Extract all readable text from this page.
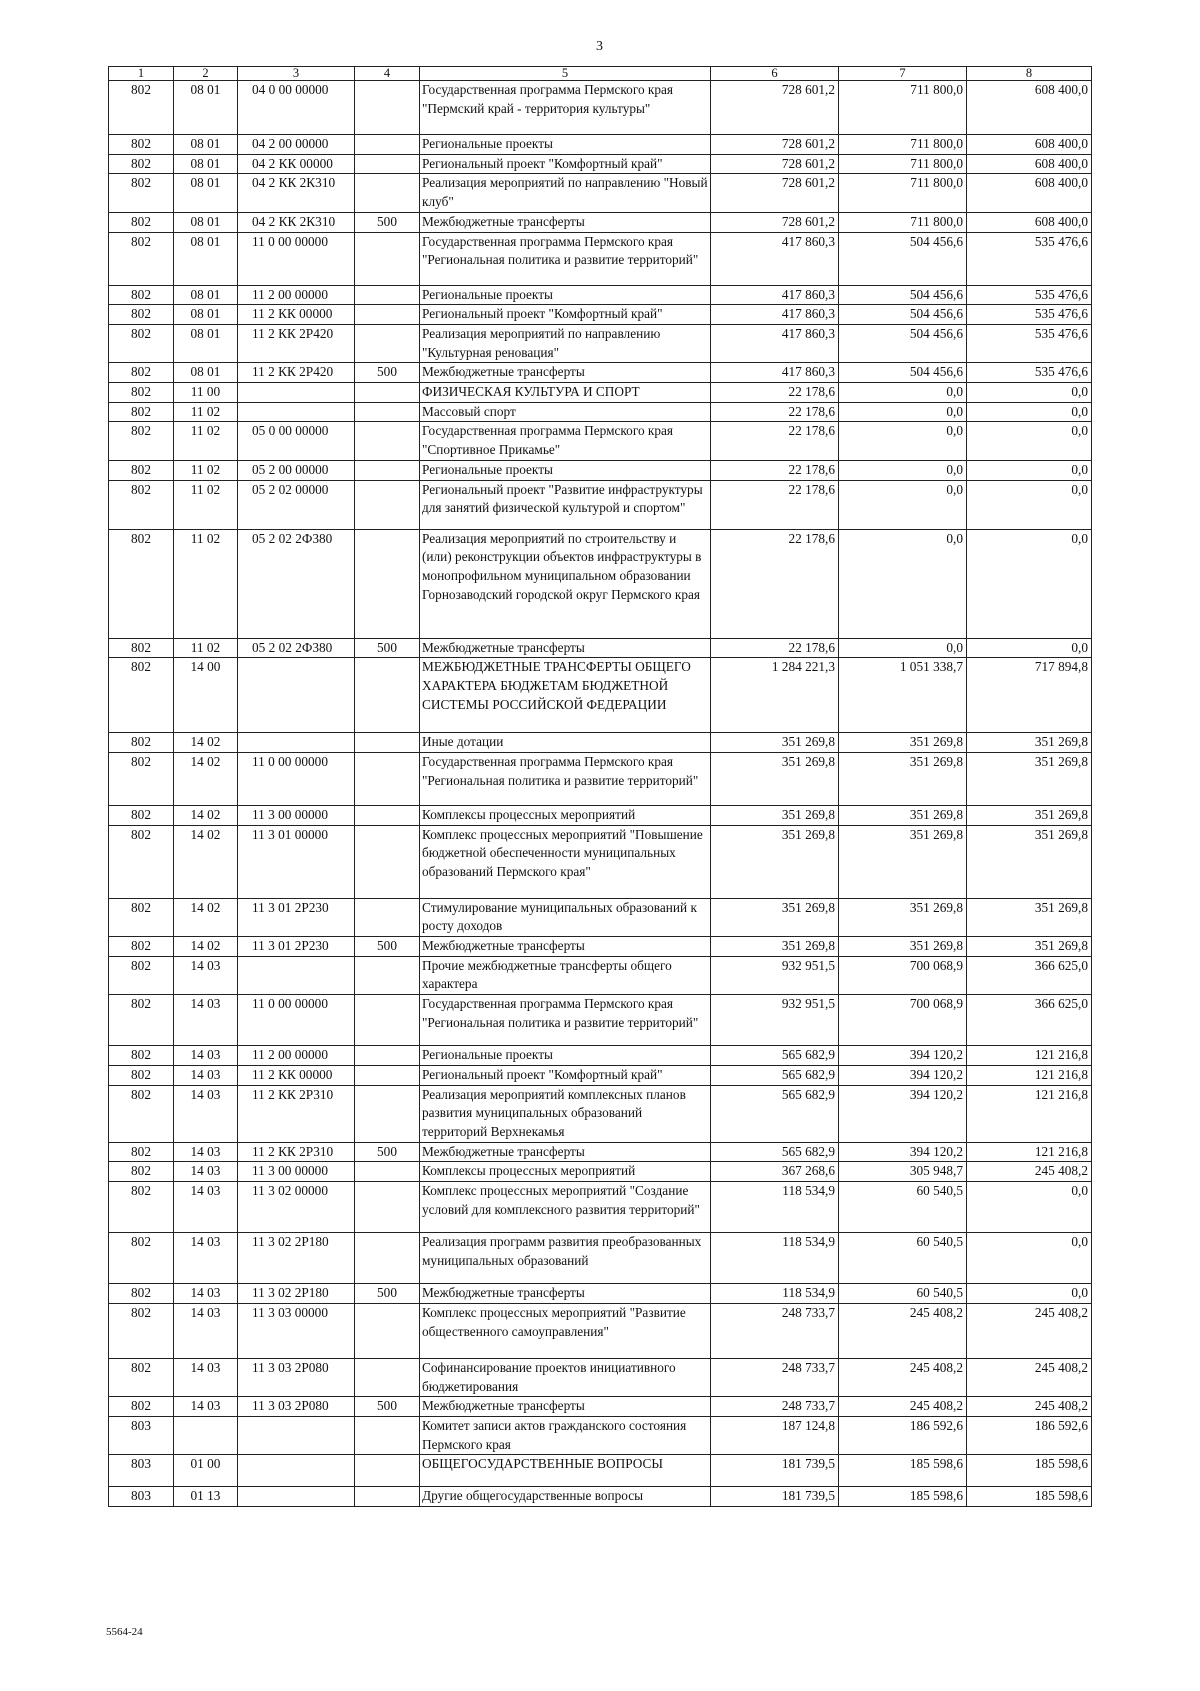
3
1	2	3	4	5	6	7	8
802	08 01	04 0 00 00000		Государственная программа Пермского края "Пермский край - территория культуры"	728 601,2	711 800,0	608 400,0
802	08 01	04 2 00 00000		Региональные проекты	728 601,2	711 800,0	608 400,0
802	08 01	04 2 КК 00000		Региональный проект "Комфортный край"	728 601,2	711 800,0	608 400,0
802	08 01	04 2 КК 2К310		Реализация мероприятий по направлению "Новый клуб"	728 601,2	711 800,0	608 400,0
802	08 01	04 2 КК 2К310	500	Межбюджетные трансферты	728 601,2	711 800,0	608 400,0
802	08 01	11 0 00 00000		Государственная программа Пермского края "Региональная политика и развитие территорий"	417 860,3	504 456,6	535 476,6
802	08 01	11 2 00 00000		Региональные проекты	417 860,3	504 456,6	535 476,6
802	08 01	11 2 КК 00000		Региональный проект "Комфортный край"	417 860,3	504 456,6	535 476,6
802	08 01	11 2 КК 2Р420		Реализация мероприятий по направлению "Культурная реновация"	417 860,3	504 456,6	535 476,6
802	08 01	11 2 КК 2Р420	500	Межбюджетные трансферты	417 860,3	504 456,6	535 476,6
802	11 00			ФИЗИЧЕСКАЯ КУЛЬТУРА И СПОРТ	22 178,6	0,0	0,0
802	11 02			Массовый спорт	22 178,6	0,0	0,0
802	11 02	05 0 00 00000		Государственная программа Пермского края "Спортивное Прикамье"	22 178,6	0,0	0,0
802	11 02	05 2 00 00000		Региональные проекты	22 178,6	0,0	0,0
802	11 02	05 2 02 00000		Региональный проект "Развитие инфраструктуры для занятий физической культурой и спортом"	22 178,6	0,0	0,0
802	11 02	05 2 02 2Ф380		Реализация мероприятий по строительству и (или) реконструкции объектов инфраструктуры в монопрофильном муниципальном образовании Горнозаводский городской округ Пермского края	22 178,6	0,0	0,0
802	11 02	05 2 02 2Ф380	500	Межбюджетные трансферты	22 178,6	0,0	0,0
802	14 00			МЕЖБЮДЖЕТНЫЕ ТРАНСФЕРТЫ ОБЩЕГО ХАРАКТЕРА БЮДЖЕТАМ БЮДЖЕТНОЙ СИСТЕМЫ РОССИЙСКОЙ ФЕДЕРАЦИИ	1 284 221,3	1 051 338,7	717 894,8
802	14 02			Иные дотации	351 269,8	351 269,8	351 269,8
802	14 02	11 0 00 00000		Государственная программа Пермского края "Региональная политика и развитие территорий"	351 269,8	351 269,8	351 269,8
802	14 02	11 3 00 00000		Комплексы процессных мероприятий	351 269,8	351 269,8	351 269,8
802	14 02	11 3 01 00000		Комплекс процессных мероприятий "Повышение бюджетной обеспеченности муниципальных образований Пермского края"	351 269,8	351 269,8	351 269,8
802	14 02	11 3 01 2Р230		Стимулирование муниципальных образований к росту доходов	351 269,8	351 269,8	351 269,8
802	14 02	11 3 01 2Р230	500	Межбюджетные трансферты	351 269,8	351 269,8	351 269,8
802	14 03			Прочие межбюджетные трансферты общего характера	932 951,5	700 068,9	366 625,0
802	14 03	11 0 00 00000		Государственная программа Пермского края "Региональная политика и развитие территорий"	932 951,5	700 068,9	366 625,0
802	14 03	11 2 00 00000		Региональные проекты	565 682,9	394 120,2	121 216,8
802	14 03	11 2 КК 00000		Региональный проект "Комфортный край"	565 682,9	394 120,2	121 216,8
802	14 03	11 2 КК 2Р310		Реализация мероприятий комплексных планов развития муниципальных образований территорий Верхнекамья	565 682,9	394 120,2	121 216,8
802	14 03	11 2 КК 2Р310	500	Межбюджетные трансферты	565 682,9	394 120,2	121 216,8
802	14 03	11 3 00 00000		Комплексы процессных мероприятий	367 268,6	305 948,7	245 408,2
802	14 03	11 3 02 00000		Комплекс процессных мероприятий "Создание условий для комплексного развития территорий"	118 534,9	60 540,5	0,0
802	14 03	11 3 02 2Р180		Реализация программ развития преобразованных муниципальных образований	118 534,9	60 540,5	0,0
802	14 03	11 3 02 2Р180	500	Межбюджетные трансферты	118 534,9	60 540,5	0,0
802	14 03	11 3 03 00000		Комплекс процессных мероприятий "Развитие общественного самоуправления"	248 733,7	245 408,2	245 408,2
802	14 03	11 3 03 2Р080		Софинансирование проектов инициативного бюджетирования	248 733,7	245 408,2	245 408,2
802	14 03	11 3 03 2Р080	500	Межбюджетные трансферты	248 733,7	245 408,2	245 408,2
803				Комитет записи актов гражданского состояния Пермского края	187 124,8	186 592,6	186 592,6
803	01 00			ОБЩЕГОСУДАРСТВЕННЫЕ ВОПРОСЫ	181 739,5	185 598,6	185 598,6
803	01 13			Другие общегосударственные вопросы	181 739,5	185 598,6	185 598,6
5564-24
